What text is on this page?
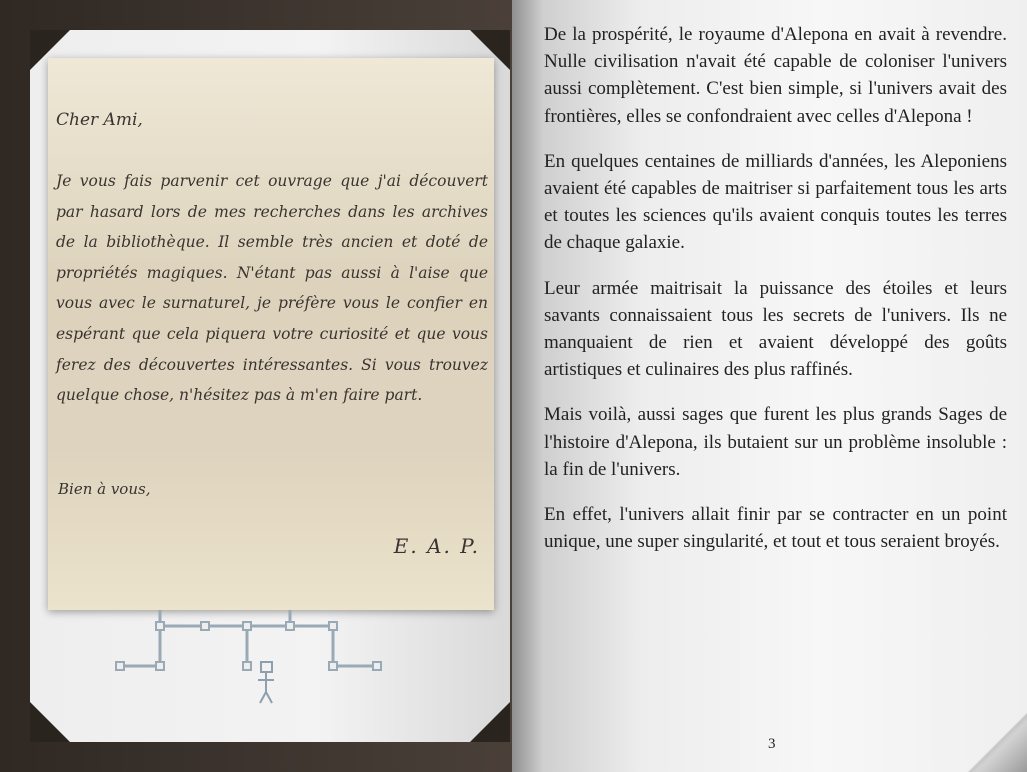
Cher Ami,
Je vous fais parvenir cet ouvrage que j'ai découvert par hasard lors de mes recherches dans les archives de la bibliothèque. Il semble très ancien et doté de propriétés magiques. N'étant pas aussi à l'aise que vous avec le surnaturel, je préfère vous le confier en espérant que cela piquera votre curiosité et que vous ferez des découvertes intéressantes. Si vous trouvez quelque chose, n'hésitez pas à m'en faire part.
Bien à vous,
E. A. P.

De la prospérité, le royaume d'Alepona en avait à revendre. Nulle civilisation n'avait été capable de coloniser l'univers aussi complètement. C'est bien simple, si l'univers avait des frontières, elles se confondraient avec celles d'Alepona !

En quelques centaines de milliards d'années, les Aleponiens avaient été capables de maitriser si parfaitement tous les arts et toutes les sciences qu'ils avaient conquis toutes les terres de chaque galaxie.

Leur armée maitrisait la puissance des étoiles et leurs savants connaissaient tous les secrets de l'univers. Ils ne manquaient de rien et avaient développé des goûts artistiques et culinaires des plus raffinés.

Mais voilà, aussi sages que furent les plus grands Sages de l'histoire d'Alepona, ils butaient sur un problème insoluble : la fin de l'univers.

En effet, l'univers allait finir par se contracter en un point unique, une super singularité, et tout et tous seraient broyés.

3
